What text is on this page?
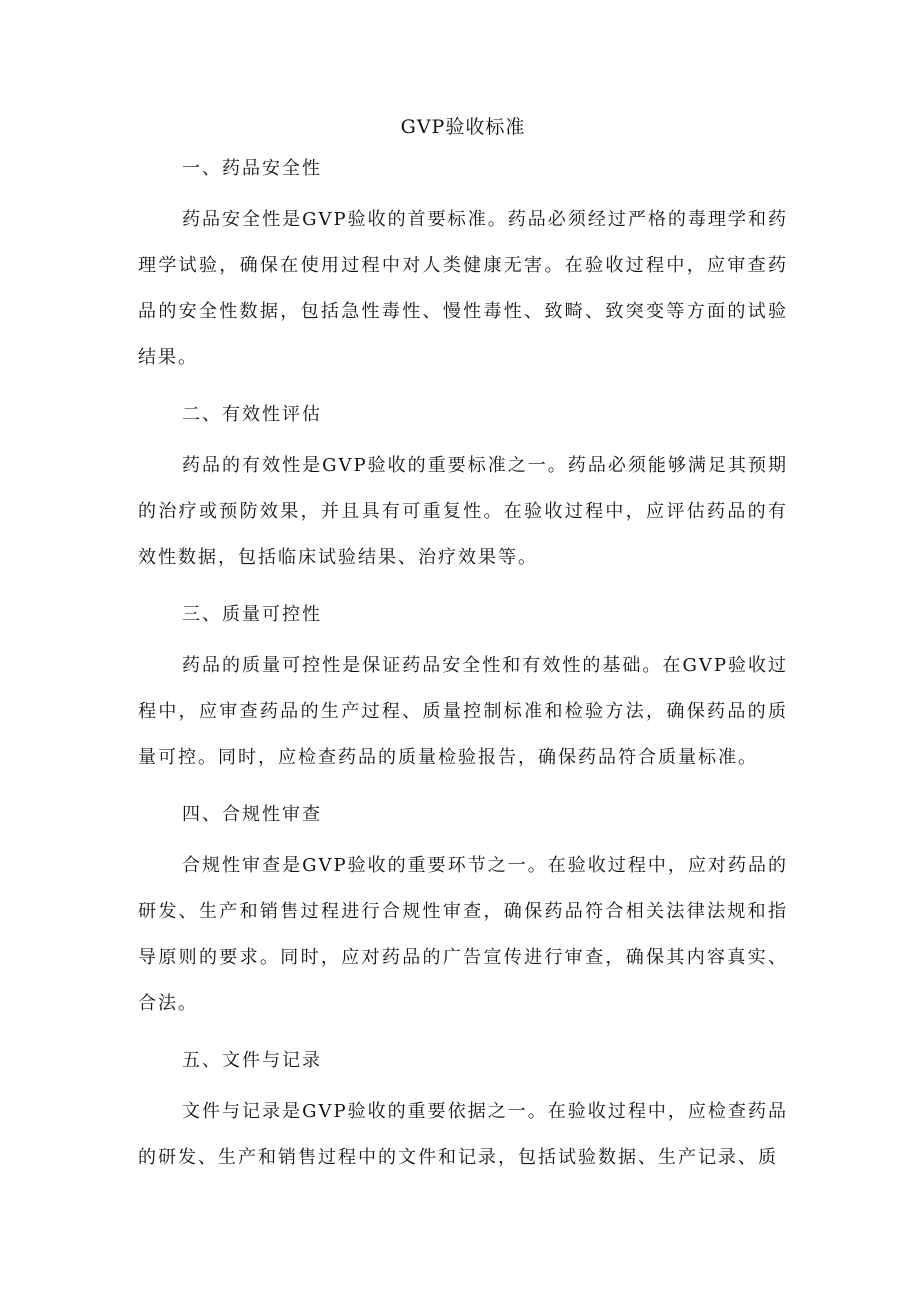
GVP验收标准
一、药品安全性
药品安全性是GVP验收的首要标准。药品必须经过严格的毒理学和药理学试验，确保在使用过程中对人类健康无害。在验收过程中，应审查药品的安全性数据，包括急性毒性、慢性毒性、致畸、致突变等方面的试验结果。
二、有效性评估
药品的有效性是GVP验收的重要标准之一。药品必须能够满足其预期的治疗或预防效果，并且具有可重复性。在验收过程中，应评估药品的有效性数据，包括临床试验结果、治疗效果等。
三、质量可控性
药品的质量可控性是保证药品安全性和有效性的基础。在GVP验收过程中，应审查药品的生产过程、质量控制标准和检验方法，确保药品的质量可控。同时，应检查药品的质量检验报告，确保药品符合质量标准。
四、合规性审查
合规性审查是GVP验收的重要环节之一。在验收过程中，应对药品的研发、生产和销售过程进行合规性审查，确保药品符合相关法律法规和指导原则的要求。同时，应对药品的广告宣传进行审查，确保其内容真实、合法。
五、文件与记录
文件与记录是GVP验收的重要依据之一。在验收过程中，应检查药品的研发、生产和销售过程中的文件和记录，包括试验数据、生产记录、质
